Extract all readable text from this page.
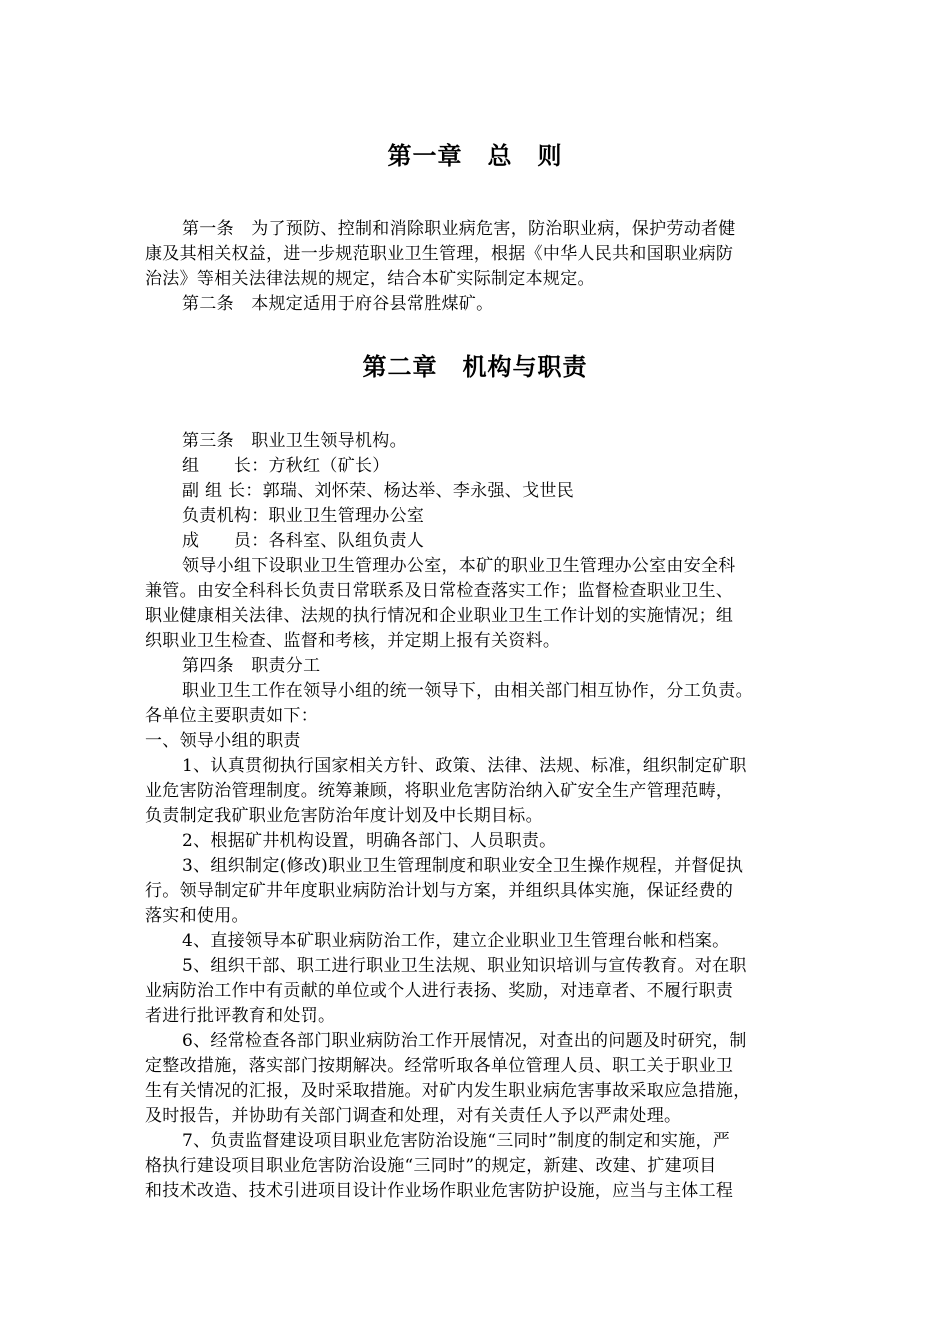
第一章　总　则
第一条　为了预防、控制和消除职业病危害，防治职业病，保护劳动者健
康及其相关权益，进一步规范职业卫生管理，根据《中华人民共和国职业病防
治法》等相关法律法规的规定，结合本矿实际制定本规定。
第二条　本规定适用于府谷县常胜煤矿。
第二章　机构与职责
第三条　职业卫生领导机构。
组　　长：方秋红（矿长）
副 组 长：郭瑞、刘怀荣、杨达举、李永强、戈世民
负责机构：职业卫生管理办公室
成　　员：各科室、队组负责人
领导小组下设职业卫生管理办公室，本矿的职业卫生管理办公室由安全科
兼管。由安全科科长负责日常联系及日常检查落实工作；监督检查职业卫生、
职业健康相关法律、法规的执行情况和企业职业卫生工作计划的实施情况；组
织职业卫生检查、监督和考核，并定期上报有关资料。
第四条　职责分工
职业卫生工作在领导小组的统一领导下，由相关部门相互协作，分工负责。
各单位主要职责如下：
一、领导小组的职责
1、认真贯彻执行国家相关方针、政策、法律、法规、标准，组织制定矿职
业危害防治管理制度。统筹兼顾，将职业危害防治纳入矿安全生产管理范畴，
负责制定我矿职业危害防治年度计划及中长期目标。
2、根据矿井机构设置，明确各部门、人员职责。
3、组织制定(修改)职业卫生管理制度和职业安全卫生操作规程，并督促执
行。领导制定矿井年度职业病防治计划与方案，并组织具体实施，保证经费的
落实和使用。
4、直接领导本矿职业病防治工作，建立企业职业卫生管理台帐和档案。
5、组织干部、职工进行职业卫生法规、职业知识培训与宣传教育。对在职
业病防治工作中有贡献的单位或个人进行表扬、奖励，对违章者、不履行职责
者进行批评教育和处罚。
6、经常检查各部门职业病防治工作开展情况，对查出的问题及时研究，制
定整改措施，落实部门按期解决。经常听取各单位管理人员、职工关于职业卫
生有关情况的汇报，及时采取措施。对矿内发生职业病危害事故采取应急措施，
及时报告，并协助有关部门调查和处理，对有关责任人予以严肃处理。
7、负责监督建设项目职业危害防治设施“三同时”制度的制定和实施，严
格执行建设项目职业危害防治设施“三同时”的规定，新建、改建、扩建项目
和技术改造、技术引进项目设计作业场作职业危害防护设施，应当与主体工程
